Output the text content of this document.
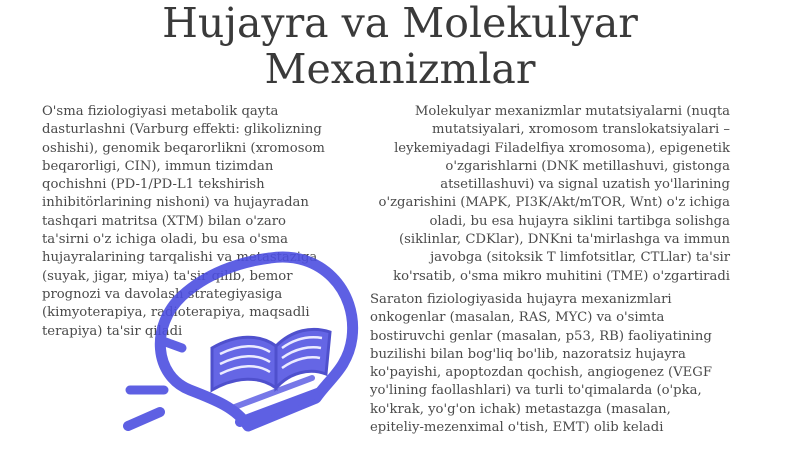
Hujayra va Molekulyar
Mexanizmlar
O'sma fiziologiyasi metabolik qayta
dasturlashni (Varburg effekti: glikolizning
oshishi), genomik beqarorlikni (xromosom
beqarorligi, CIN), immun tizimdan
qochishni (PD-1/PD-L1 tekshirish
inhibitörlarining nishoni) va hujayradan
tashqari matritsa (XTM) bilan o'zaro
ta'sirni o'z ichiga oladi, bu esa o'sma
hujayralarining tarqalishi va metastaziga
(suyak, jigar, miya) ta'sir qilib, bemor
prognozi va davolash strategiyasiga
(kimyoterapiya, radioterapiya, maqsadli
terapiya) ta'sir qiladi
Molekulyar mexanizmlar mutatsiyalarni (nuqta
mutatsiyalari, xromosom translokatsiyalari –
leykemiyadagi Filadelfiya xromosoma), epigenetik
o'zgarishlarni (DNK metillashuvi, gistonga
atsetillashuvi) va signal uzatish yo'llarining
o'zgarishini (MAPK, PI3K/Akt/mTOR, Wnt) o'z ichiga
oladi, bu esa hujayra siklini tartibga solishga
(siklinlar, CDKlar), DNKni ta'mirlashga va immun
javobga (sitoksik T limfotsitlar, CTLlar) ta'sir
ko'rsatib, o'sma mikro muhitini (TME) o'zgartiradi
Saraton fiziologiyasida hujayra mexanizmlari
onkogenlar (masalan, RAS, MYC) va o'simta
bostiruvchi genlar (masalan, p53, RB) faoliyatining
buzilishi bilan bog'liq bo'lib, nazoratsiz hujayra
ko'payishi, apoptozdan qochish, angiogenez (VEGF
yo'lining faollashlari) va turli to'qimalarda (o'pka,
ko'krak, yo'g'on ichak) metastazga (masalan,
epiteliy-mezenximal o'tish, EMT) olib keladi
